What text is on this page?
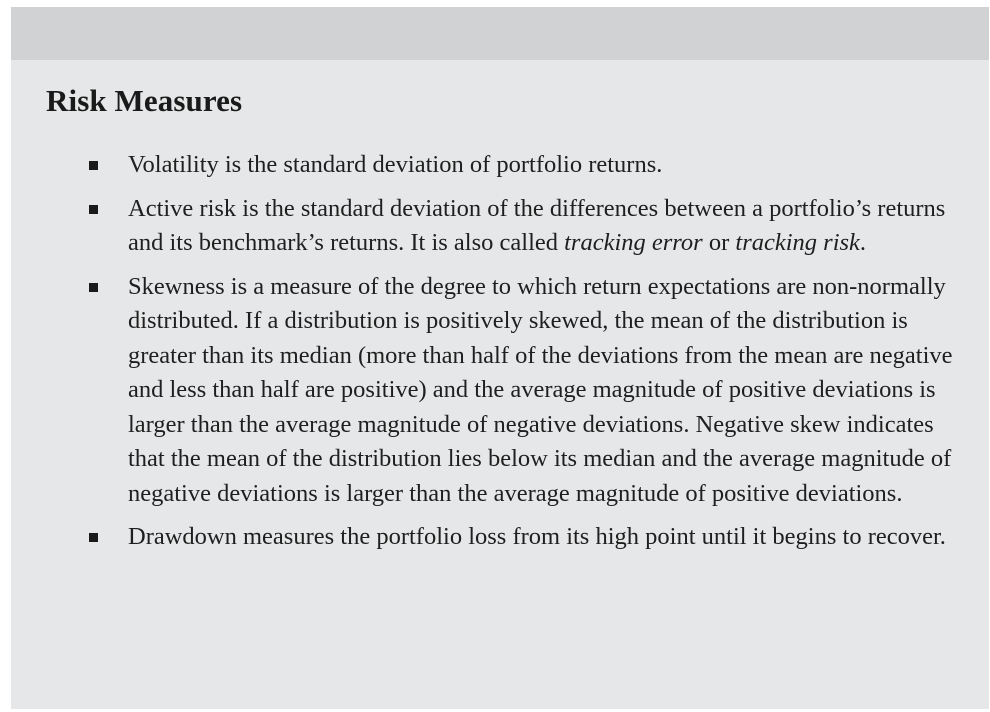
Risk Measures
Volatility is the standard deviation of portfolio returns.
Active risk is the standard deviation of the differences between a portfolio’s returns and its benchmark’s returns. It is also called tracking error or tracking risk.
Skewness is a measure of the degree to which return expectations are non-normally distributed. If a distribution is positively skewed, the mean of the distribution is greater than its median (more than half of the deviations from the mean are negative and less than half are positive) and the average magnitude of positive deviations is larger than the average magnitude of negative deviations. Negative skew indicates that the mean of the distribution lies below its median and the average magnitude of negative deviations is larger than the average magnitude of positive deviations.
Drawdown measures the portfolio loss from its high point until it begins to recover.
